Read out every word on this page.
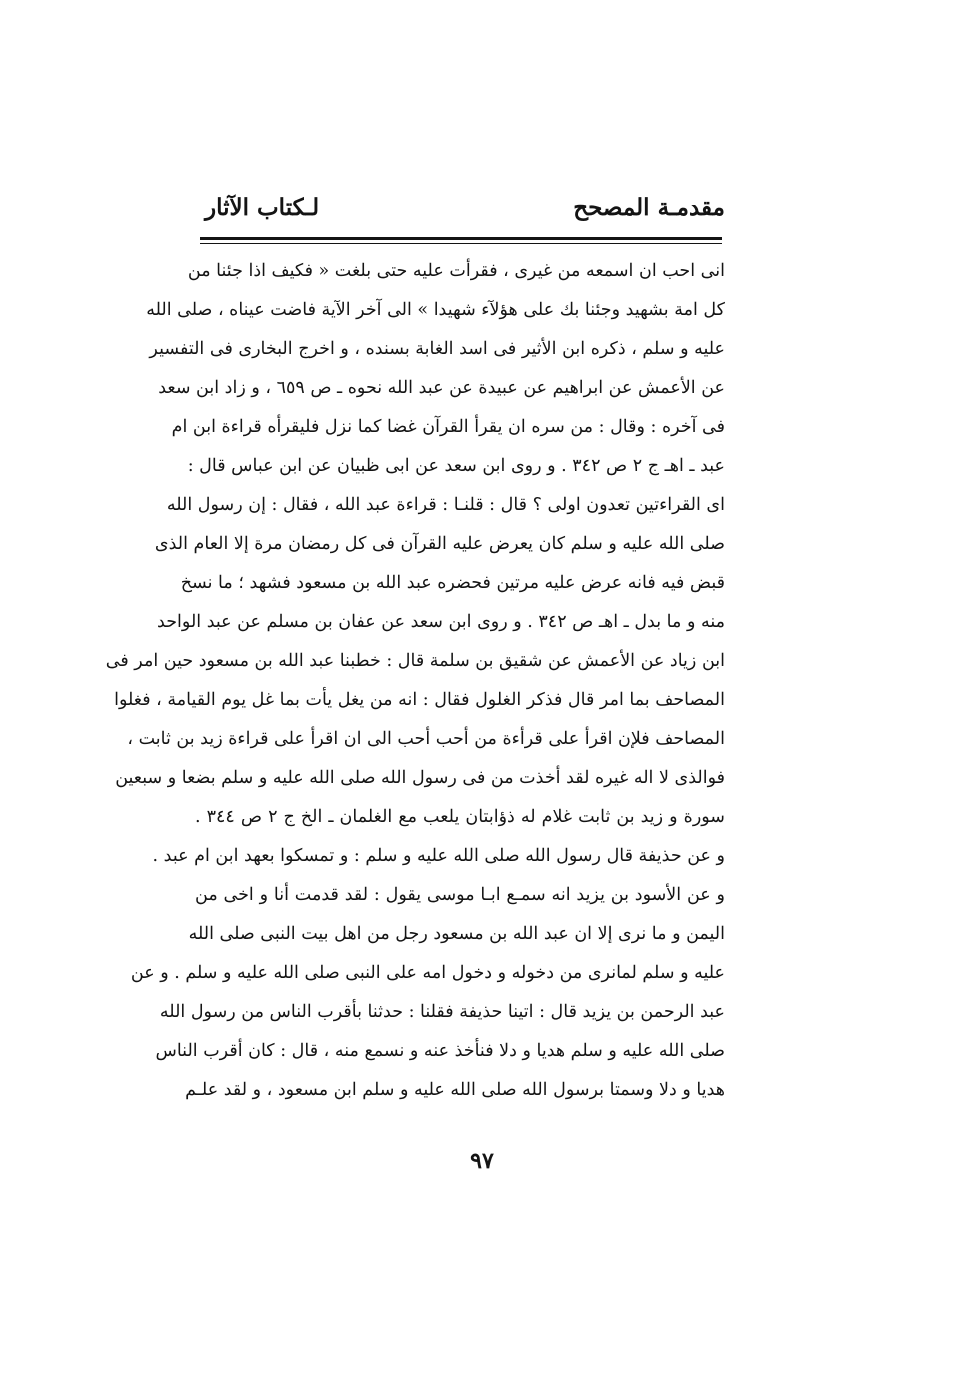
مقدمـة المصحح
لـكتاب الآثار
انى احب ان اسمعه من غيرى ، فقرأت عليه حتى بلغت « فكيف اذا جئنا من
كل امة بشهيد وجئنا بك على هؤلآء شهيدا » الى آخر الآية فاضت عيناه ، صلى الله
عليه و سلم ، ذكره ابن الأثير فى اسد الغابة بسنده ، و اخرج البخارى فى التفسير
عن الأعمش عن ابراهيم عن عبيدة عن عبد الله نحوه ـ ص ٦٥٩ ، و زاد ابن سعد
فى آخره : وقال : من سره ان يقرأ القرآن غضا كما نزل فليقرأه قراءة ابن ام
عبد ـ اهـ ج ٢ ص ٣٤٢ . و روى ابن سعد عن ابى ظبيان عن ابن عباس قال :
اى القراءتين تعدون اولى ؟ قال : قلنـا : قراءة عبد الله ، فقال : إن رسول الله
صلى الله عليه و سلم كان يعرض عليه القرآن فى كل رمضان مرة إلا العام الذى
قبض فيه فانه عرض عليه مرتين فحضره عبد الله بن مسعود فشهد ؛ ما نسخ
منه و ما بدل ـ اهـ ص ٣٤٢ . و روى ابن سعد عن عفان بن مسلم عن عبد الواحد
ابن زياد عن الأعمش عن شقيق بن سلمة قال : خطبنا عبد الله بن مسعود حين امر فى
المصاحف بما امر قال فذكر الغلول فقال : انه من يغل يأت بما غل يوم القيامة ، فغلوا
المصاحف فلإن اقرأ على قرأءة من أحب أحب الى ان اقرأ على قراءة زيد بن ثابت ،
فوالذى لا اله غيره لقد أخذت من فى رسول الله صلى الله عليه و سلم بضعا و سبعين
سورة و زيد بن ثابت غلام له ذؤابتان يلعب مع الغلمان ـ الخ ج ٢ ص ٣٤٤ .
و عن حذيفة قال رسول الله صلى الله عليه و سلم : و تمسكوا بعهد ابن ام عبد .
و عن الأسود بن يزيد انه سمـع ابـا موسى يقول : لقد قدمت أنا و اخى من
اليمن و ما نرى إلا ان عبد الله بن مسعود رجل من اهل بيت النبى صلى الله
عليه و سلم لمانرى من دخوله و دخول امه على النبى صلى الله عليه و سلم . و عن
عبد الرحمن بن يزيد قال : اتينا حذيفة فقلنا : حدثنا بأقرب الناس من رسول الله
صلى الله عليه و سلم هديا و دلا فنأخذ عنه و نسمع منه ، قال : كان أقرب الناس
هديا و دلا وسمتا برسول الله صلى الله عليه و سلم ابن مسعود ، و لقد علـم
٩٧
